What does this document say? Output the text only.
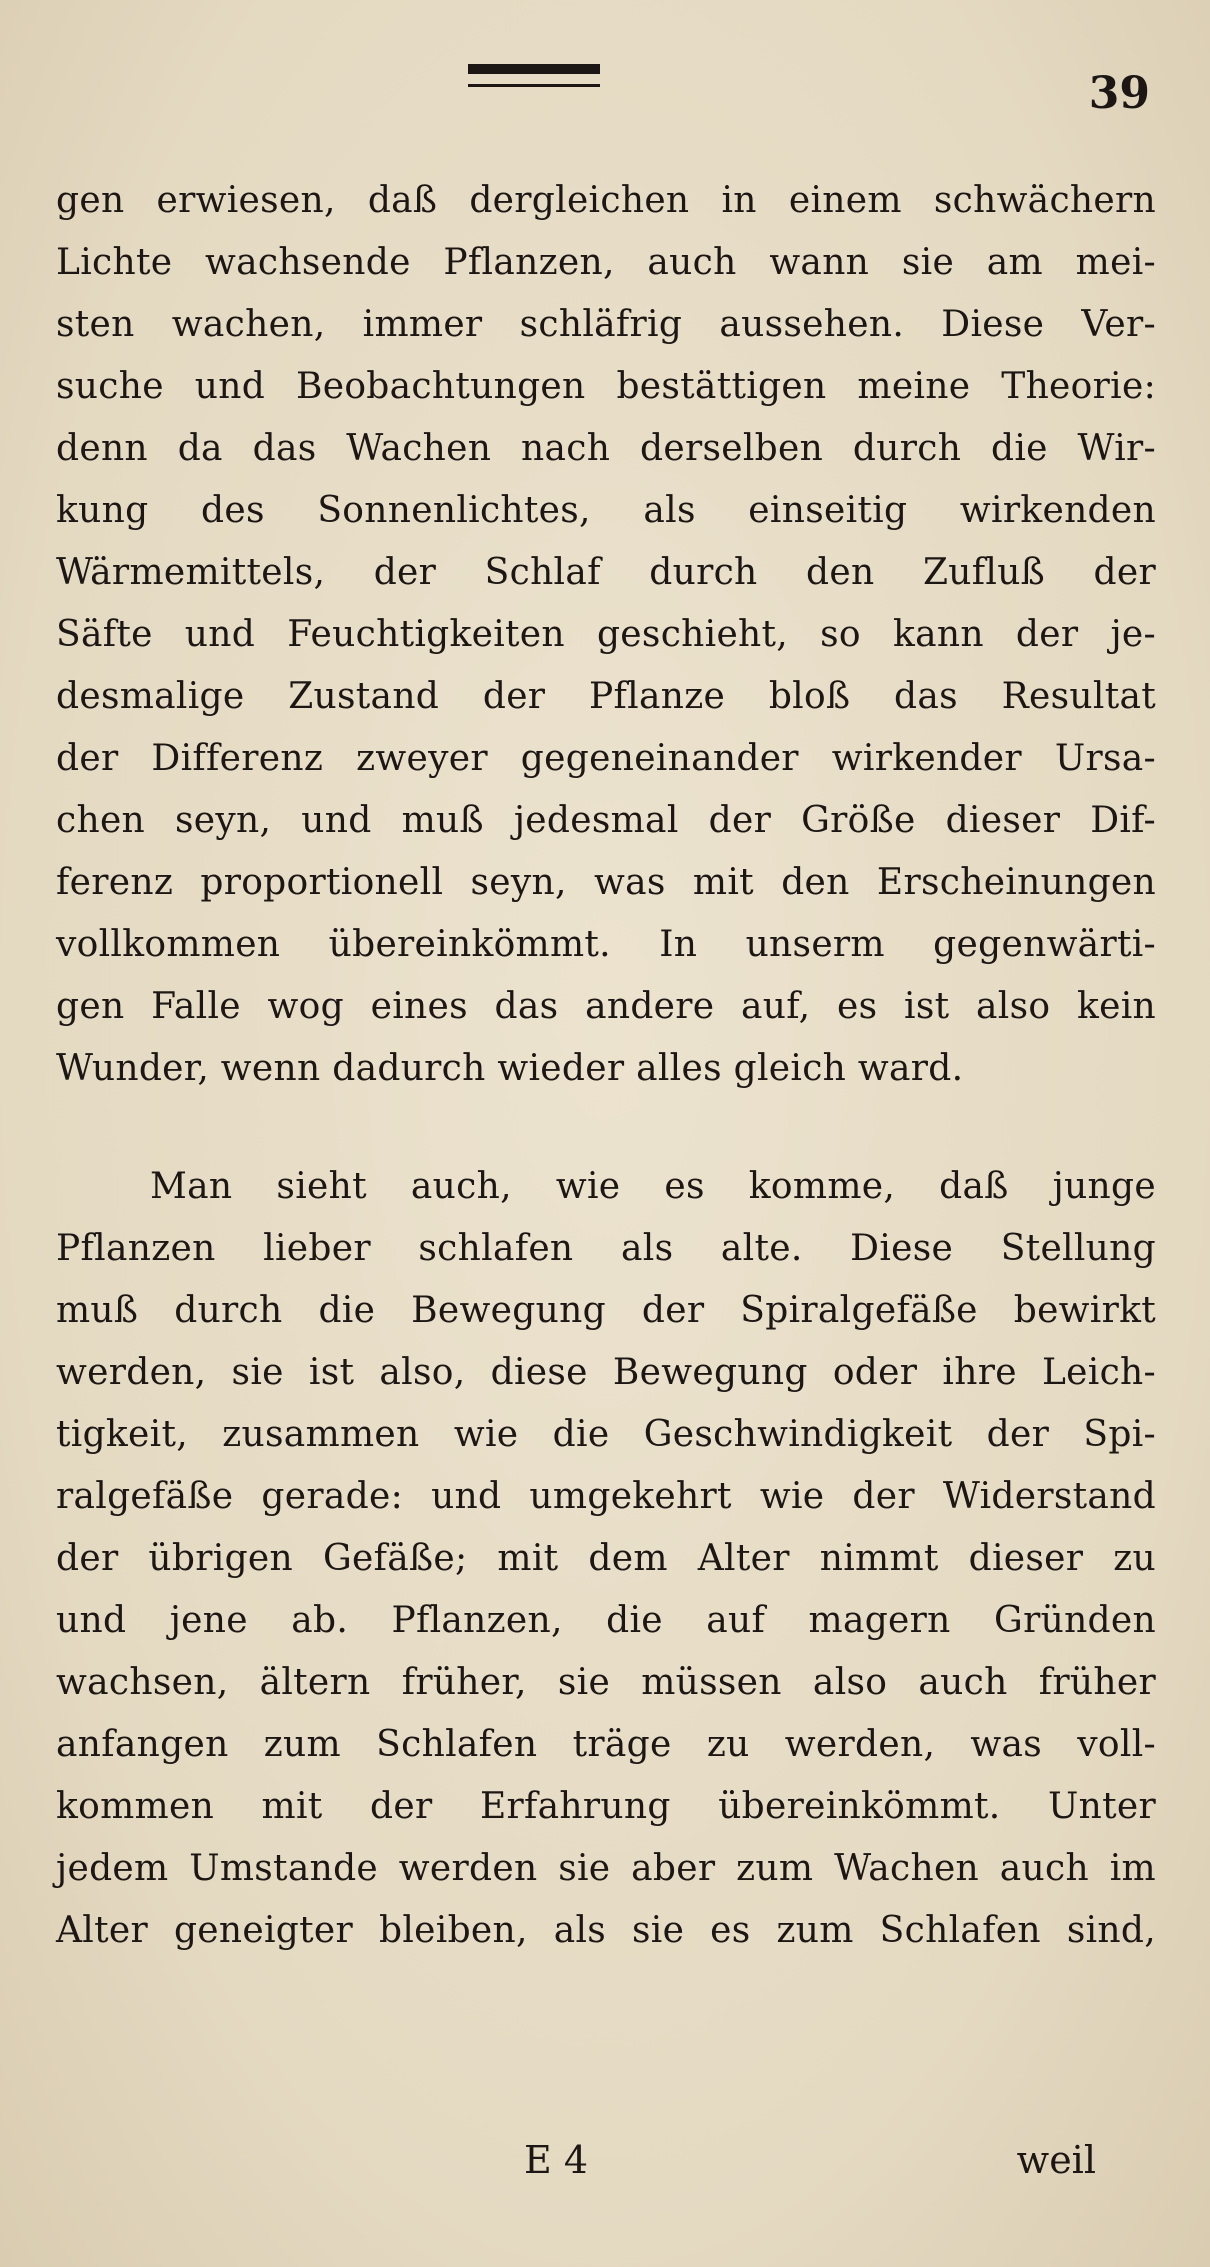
39
gen erwiesen, daß dergleichen in einem schwächern
Lichte wachsende Pflanzen, auch wann sie am mei-
sten wachen, immer schläfrig aussehen. Diese Ver-
suche und Beobachtungen bestättigen meine Theorie:
denn da das Wachen nach derselben durch die Wir-
kung des Sonnenlichtes, als einseitig wirkenden
Wärmemittels, der Schlaf durch den Zufluß der
Säfte und Feuchtigkeiten geschieht, so kann der je-
desmalige Zustand der Pflanze bloß das Resultat
der Differenz zweyer gegeneinander wirkender Ursa-
chen seyn, und muß jedesmal der Größe dieser Dif-
ferenz proportionell seyn, was mit den Erscheinungen
vollkommen übereinkömmt. In unserm gegenwärti-
gen Falle wog eines das andere auf, es ist also kein
Wunder, wenn dadurch wieder alles gleich ward.
Man sieht auch, wie es komme, daß junge
Pflanzen lieber schlafen als alte. Diese Stellung
muß durch die Bewegung der Spiralgefäße bewirkt
werden, sie ist also, diese Bewegung oder ihre Leich-
tigkeit, zusammen wie die Geschwindigkeit der Spi-
ralgefäße gerade: und umgekehrt wie der Widerstand
der übrigen Gefäße; mit dem Alter nimmt dieser zu
und jene ab. Pflanzen, die auf magern Gründen
wachsen, ältern früher, sie müssen also auch früher
anfangen zum Schlafen träge zu werden, was voll-
kommen mit der Erfahrung übereinkömmt. Unter
jedem Umstande werden sie aber zum Wachen auch im
Alter geneigter bleiben, als sie es zum Schlafen sind,
E 4	weil
